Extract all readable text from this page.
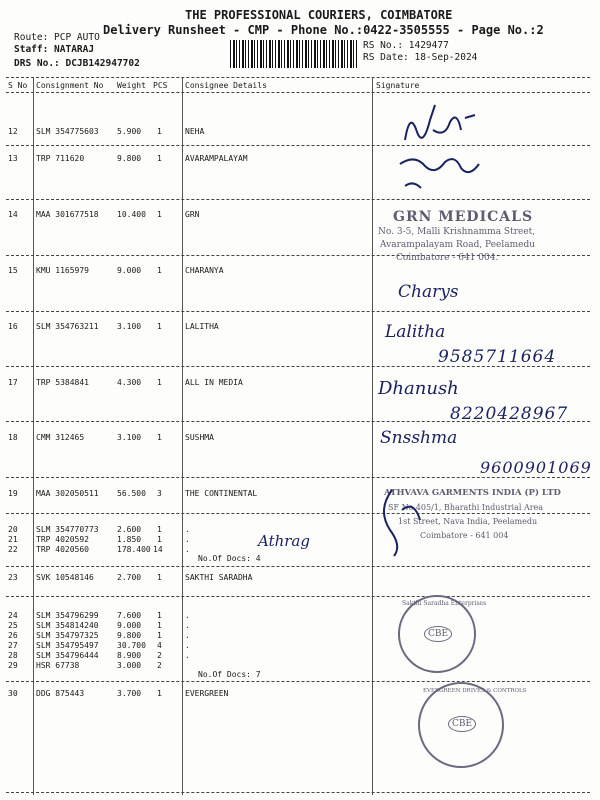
THE PROFESSIONAL COURIERS, COIMBATORE
Delivery Runsheet - CMP - Phone No.:0422-3505555 - Page No.:2
Route: PCP AUTO
Staff: NATARAJ
DRS No.: DCJB142947702
RS No.: 1429477
RS Date: 18-Sep-2024
S No Consignment No Weight PCS Consignee Details	Signature
12 SLM 354775603 5.900 1	NEHA
13 TRP 711620	9.800 1	AVARAMPALAYAM
14 MAA 301677518 10.400 1	GRN
15 KMU 1165979	9.000 1	CHARANYA
16 SLM 354763211 3.100 1	LALITHA
17 TRP 5384841	4.300 1	ALL IN MEDIA
18 CMM 312465	3.100 1	SUSHMA
19 MAA 302050511 56.500 3	THE CONTINENTAL
20 SLM 354770773 2.600 1	.
21 TRP 4020592	1.850 1	.
22 TRP 4020560	178.400 14	.
No.Of Docs: 4
23 SVK 10548146	2.700 1	SAKTHI SARADHA
24 SLM 354796299 7.600 1	.
25 SLM 354814240 9.000 1	.
26 SLM 354797325 9.800 1	.
27 SLM 354795497 30.700 4	.
28 SLM 354796444 8.900 2	.
29 HSR 67738	3.000 2
No.Of Docs: 7
30 DDG 875443	3.700 1	EVERGREEN
Charys
Lalitha
9585711664
Dhanush
8220428967
Snsshma
9600901069
Athrag
GRN MEDICALS
No. 3-5, Malli Krishnamma Street,
Avarampalayam Road, Peelamedu
Coimbatore - 641 004.
ATHVAVA GARMENTS INDIA (P) LTD
SF No.405/1, Bharathi Industrial Area
1st Street, Nava India, Peelamedu
Coimbatore - 641 004
CBE
Sakthi Saradha Enterprises
CBE
EVERGREEN DRIVES & CONTROLS
